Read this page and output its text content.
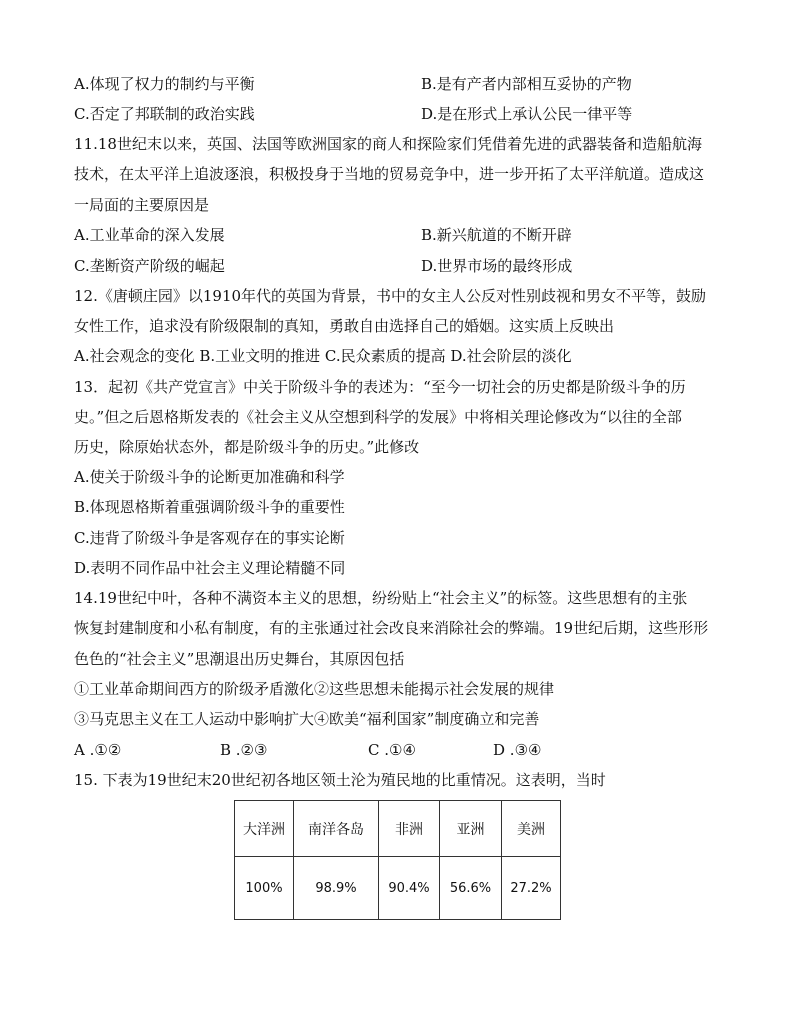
A.体现了权力的制约与平衡	B.是有产者内部相互妥协的产物
C.否定了邦联制的政治实践	D.是在形式上承认公民一律平等
11.18世纪末以来，英国、法国等欧洲国家的商人和探险家们凭借着先进的武器装备和造船航海
技术，在太平洋上追波逐浪，积极投身于当地的贸易竞争中，进一步开拓了太平洋航道。造成这
一局面的主要原因是
A.工业革命的深入发展	B.新兴航道的不断开辟
C.垄断资产阶级的崛起	D.世界市场的最终形成
12.《唐顿庄园》以1910年代的英国为背景，书中的女主人公反对性别歧视和男女不平等，鼓励
女性工作，追求没有阶级限制的真知，勇敢自由选择自己的婚姻。这实质上反映出
A.社会观念的变化 B.工业文明的推进 C.民众素质的提高 D.社会阶层的淡化
13．起初《共产党宣言》中关于阶级斗争的表述为：“至今一切社会的历史都是阶级斗争的历
史。”但之后恩格斯发表的《社会主义从空想到科学的发展》中将相关理论修改为“以往的全部
历史，除原始状态外，都是阶级斗争的历史。”此修改
A.使关于阶级斗争的论断更加准确和科学
B.体现恩格斯着重强调阶级斗争的重要性
C.违背了阶级斗争是客观存在的事实论断
D.表明不同作品中社会主义理论精髓不同
14.19世纪中叶，各种不满资本主义的思想，纷纷贴上“社会主义”的标签。这些思想有的主张
恢复封建制度和小私有制度，有的主张通过社会改良来消除社会的弊端。19世纪后期，这些形形
色色的“社会主义”思潮退出历史舞台，其原因包括
①工业革命期间西方的阶级矛盾激化②这些思想未能揭示社会发展的规律
③马克思主义在工人运动中影响扩大④欧美“福利国家”制度确立和完善
A .①②	B .②③	C .①④	D .③④
15. 下表为19世纪末20世纪初各地区领土沦为殖民地的比重情况。这表明，当时
大洋洲	南洋各岛	非洲	亚洲	美洲
100%	98.9%	90.4%	56.6%	27.2%
